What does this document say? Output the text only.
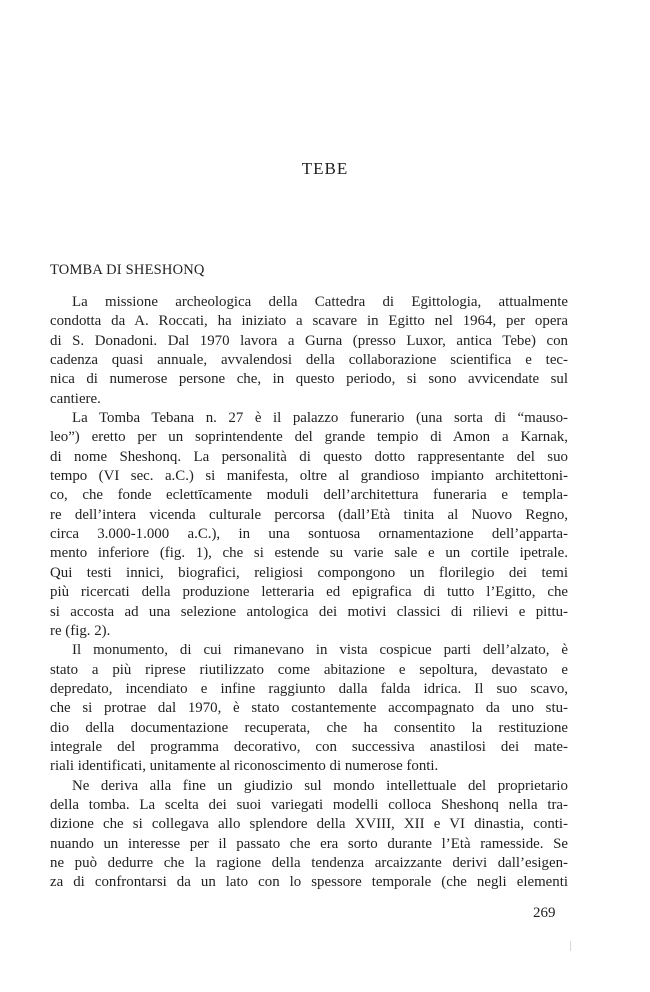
TEBE
TOMBA DI SHESHONQ
La missione archeologica della Cattedra di Egittologia, attualmente
condotta da A. Roccati, ha iniziato a scavare in Egitto nel 1964, per opera
di S. Donadoni. Dal 1970 lavora a Gurna (presso Luxor, antica Tebe) con
cadenza quasi annuale, avvalendosi della collaborazione scientifica e tec-
nica di numerose persone che, in questo periodo, si sono avvicendate sul
cantiere.
La Tomba Tebana n. 27 è il palazzo funerario (una sorta di “mauso-
leo”) eretto per un soprintendente del grande tempio di Amon a Karnak,
di nome Sheshonq. La personalità di questo dotto rappresentante del suo
tempo (VI sec. a.C.) si manifesta, oltre al grandioso impianto architettoni-
co, che fonde eclettīcamente moduli dell’architettura funeraria e templa-
re dell’intera vicenda culturale percorsa (dall’Età tinita al Nuovo Regno,
circa 3.000-1.000 a.C.), in una sontuosa ornamentazione dell’apparta-
mento inferiore (fig. 1), che si estende su varie sale e un cortile ipetrale.
Qui testi innici, biografici, religiosi compongono un florilegio dei temi
più ricercati della produzione letteraria ed epigrafica di tutto l’Egitto, che
si accosta ad una selezione antologica dei motivi classici di rilievi e pittu-
re (fig. 2).
Il monumento, di cui rimanevano in vista cospicue parti dell’alzato, è
stato a più riprese riutilizzato come abitazione e sepoltura, devastato e
depredato, incendiato e infine raggiunto dalla falda idrica. Il suo scavo,
che si protrae dal 1970, è stato costantemente accompagnato da uno stu-
dio della documentazione recuperata, che ha consentito la restituzione
integrale del programma decorativo, con successiva anastilosi dei mate-
riali identificati, unitamente al riconoscimento di numerose fonti.
Ne deriva alla fine un giudizio sul mondo intellettuale del proprietario
della tomba. La scelta dei suoi variegati modelli colloca Sheshonq nella tra-
dizione che si collegava allo splendore della XVIII, XII e VI dinastia, conti-
nuando un interesse per il passato che era sorto durante l’Età ramesside. Se
ne può dedurre che la ragione della tendenza arcaizzante derivi dall’esigen-
za di confrontarsi da un lato con lo spessore temporale (che negli elementi
269
